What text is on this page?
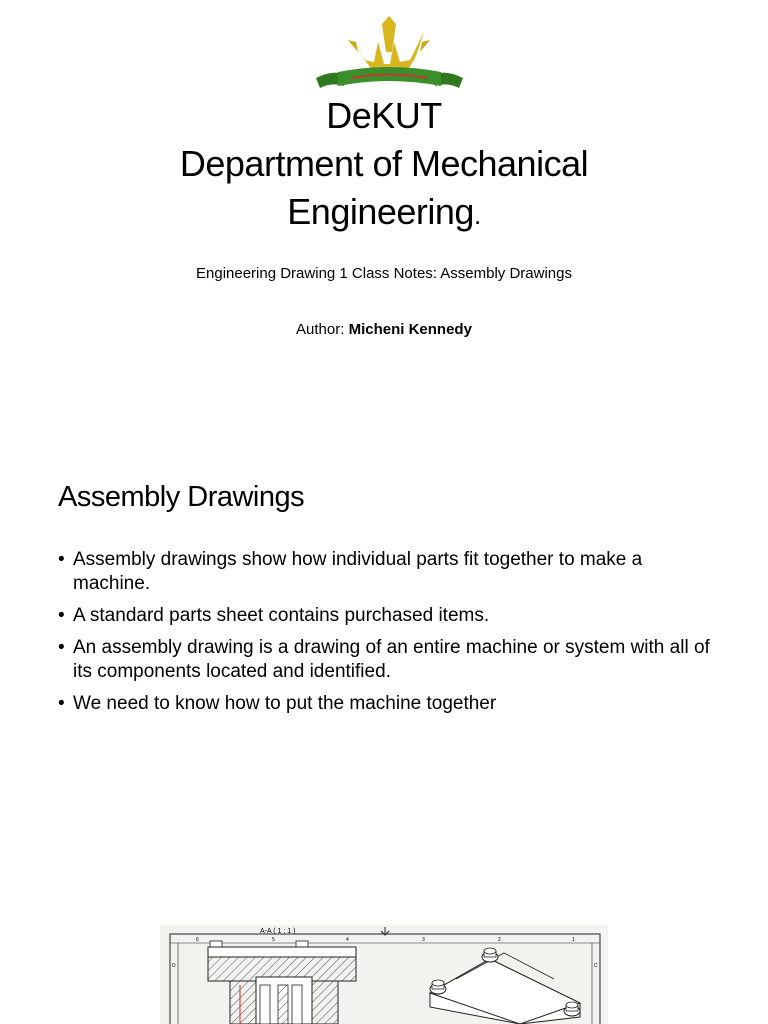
DeKUT
Department of Mechanical
Engineering.
Engineering Drawing 1 Class Notes: Assembly Drawings
Author: Micheni Kennedy
Assembly Drawings
• Assembly drawings show how individual parts fit together to make a machine.
• A standard parts sheet contains purchased items.
• An assembly drawing is a drawing of an entire machine or system with all of its components located and identified.
• We need to know how to put the machine together
6	5	4	3	2	1
D	C
A-A ( 1 : 1 )
